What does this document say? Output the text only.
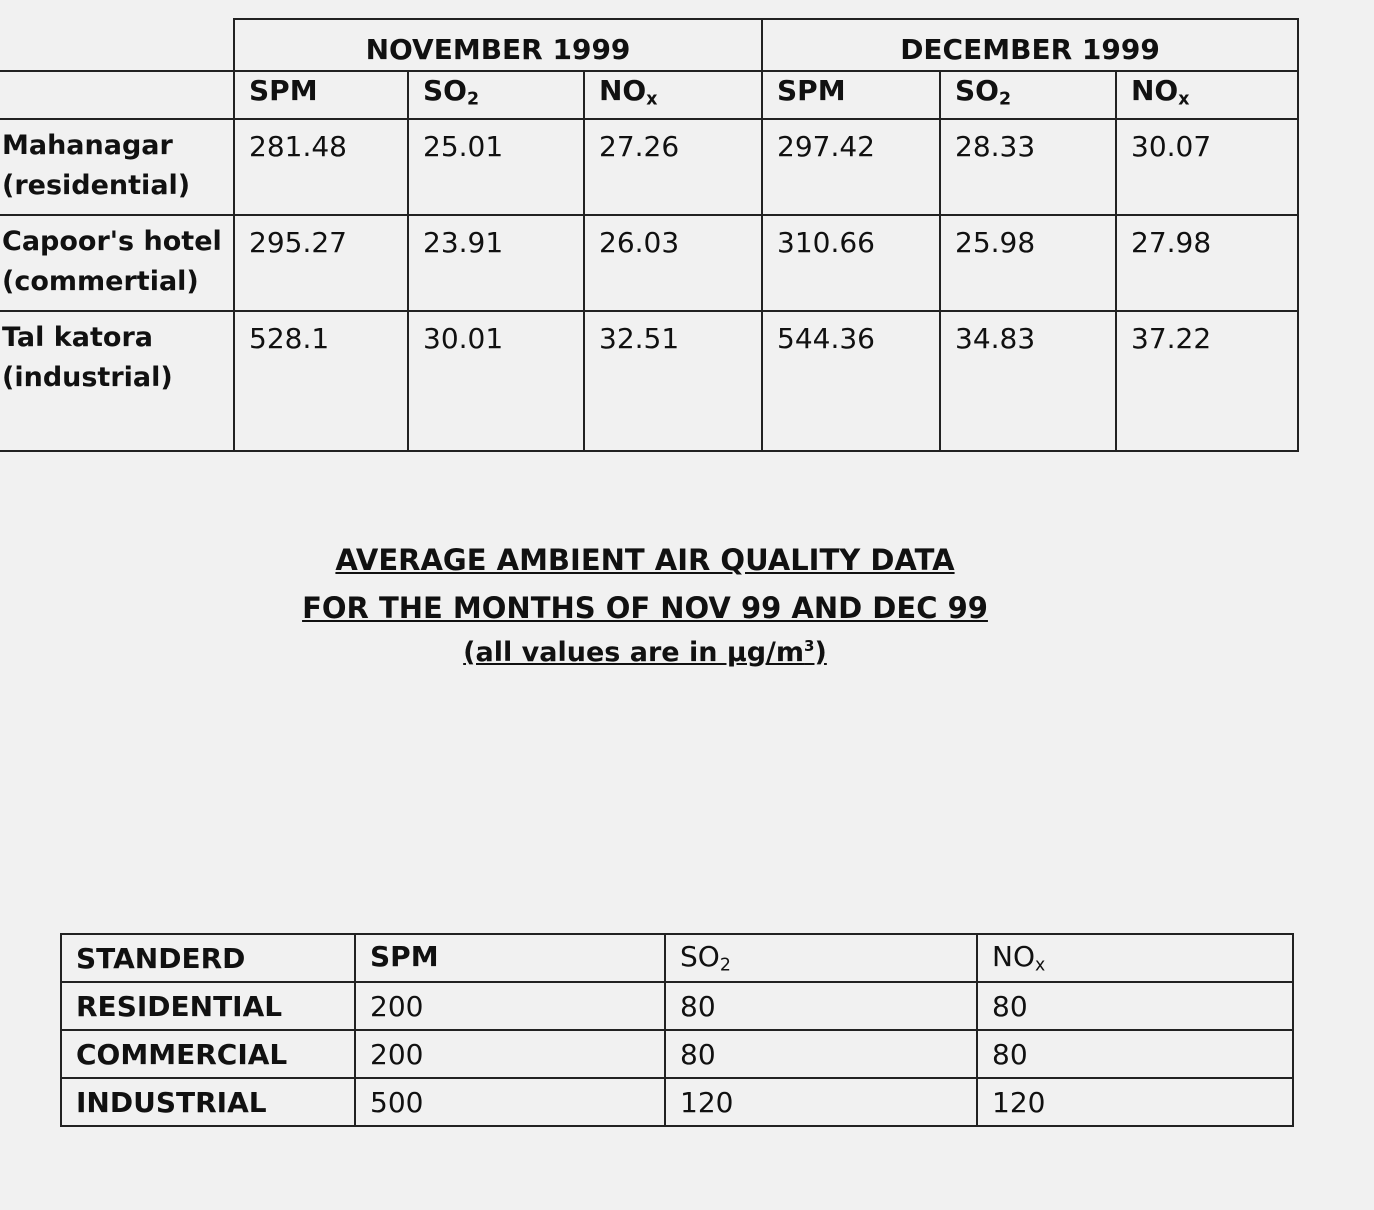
	NOVEMBER 1999			DECEMBER 1999		
	SPM	$SO_2$	$NO_x$	SPM	$SO_2$	$NO_x$

Mahanagar
(residential)	281.48	25.01	27.26	297.42	28.33	30.07

Capoor's hotel
(commertial)	295.27	23.91	26.03	310.66	25.98	27.98

Tal katora
(industrial)	528.1	30.01	32.51	544.36	34.83	37.22
AVERAGE AMBIENT AIR QUALITY DATA
FOR THE MONTHS OF NOV 99 AND DEC 99
(all values are in $\mu g/m^3$)
STANDERD	SPM	$SO_2$	$NO_x$
RESIDENTIAL	200	80	80
COMMERCIAL	200	80	80
INDUSTRIAL	500	120	120
